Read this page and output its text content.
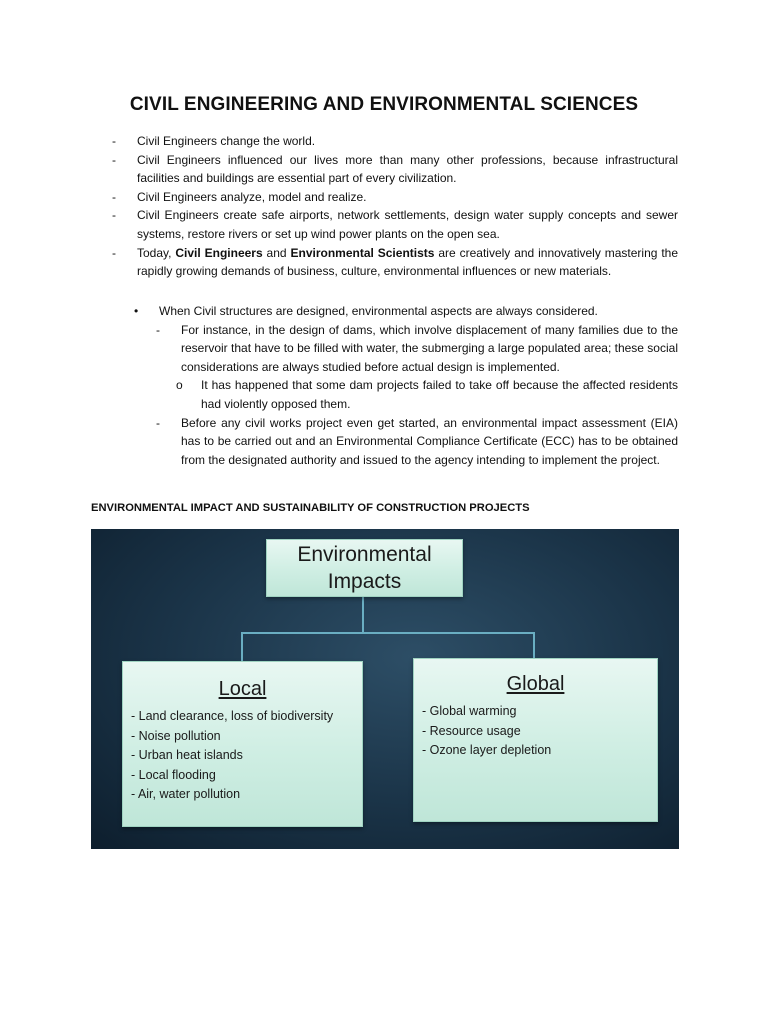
CIVIL ENGINEERING AND ENVIRONMENTAL SCIENCES
- Civil Engineers change the world.
- Civil Engineers influenced our lives more than many other professions, because infrastructural facilities and buildings are essential part of every civilization.
- Civil Engineers analyze, model and realize.
- Civil Engineers create safe airports, network settlements, design water supply concepts and sewer systems, restore rivers or set up wind power plants on the open sea.
- Today, Civil Engineers and Environmental Scientists are creatively and innovatively mastering the rapidly growing demands of business, culture, environmental influences or new materials.
• When Civil structures are designed, environmental aspects are always considered.
- For instance, in the design of dams, which involve displacement of many families due to the reservoir that have to be filled with water, the submerging a large populated area; these social considerations are always studied before actual design is implemented.
o It has happened that some dam projects failed to take off because the affected residents had violently opposed them.
- Before any civil works project even get started, an environmental impact assessment (EIA) has to be carried out and an Environmental Compliance Certificate (ECC) has to be obtained from the designated authority and issued to the agency intending to implement the project.
ENVIRONMENTAL IMPACT AND SUSTAINABILITY OF CONSTRUCTION PROJECTS
Environmental
Impacts
Local
- Land clearance, loss of biodiversity
- Noise pollution
- Urban heat islands
- Local flooding
- Air, water pollution
Global
- Global warming
- Resource usage
- Ozone layer depletion
